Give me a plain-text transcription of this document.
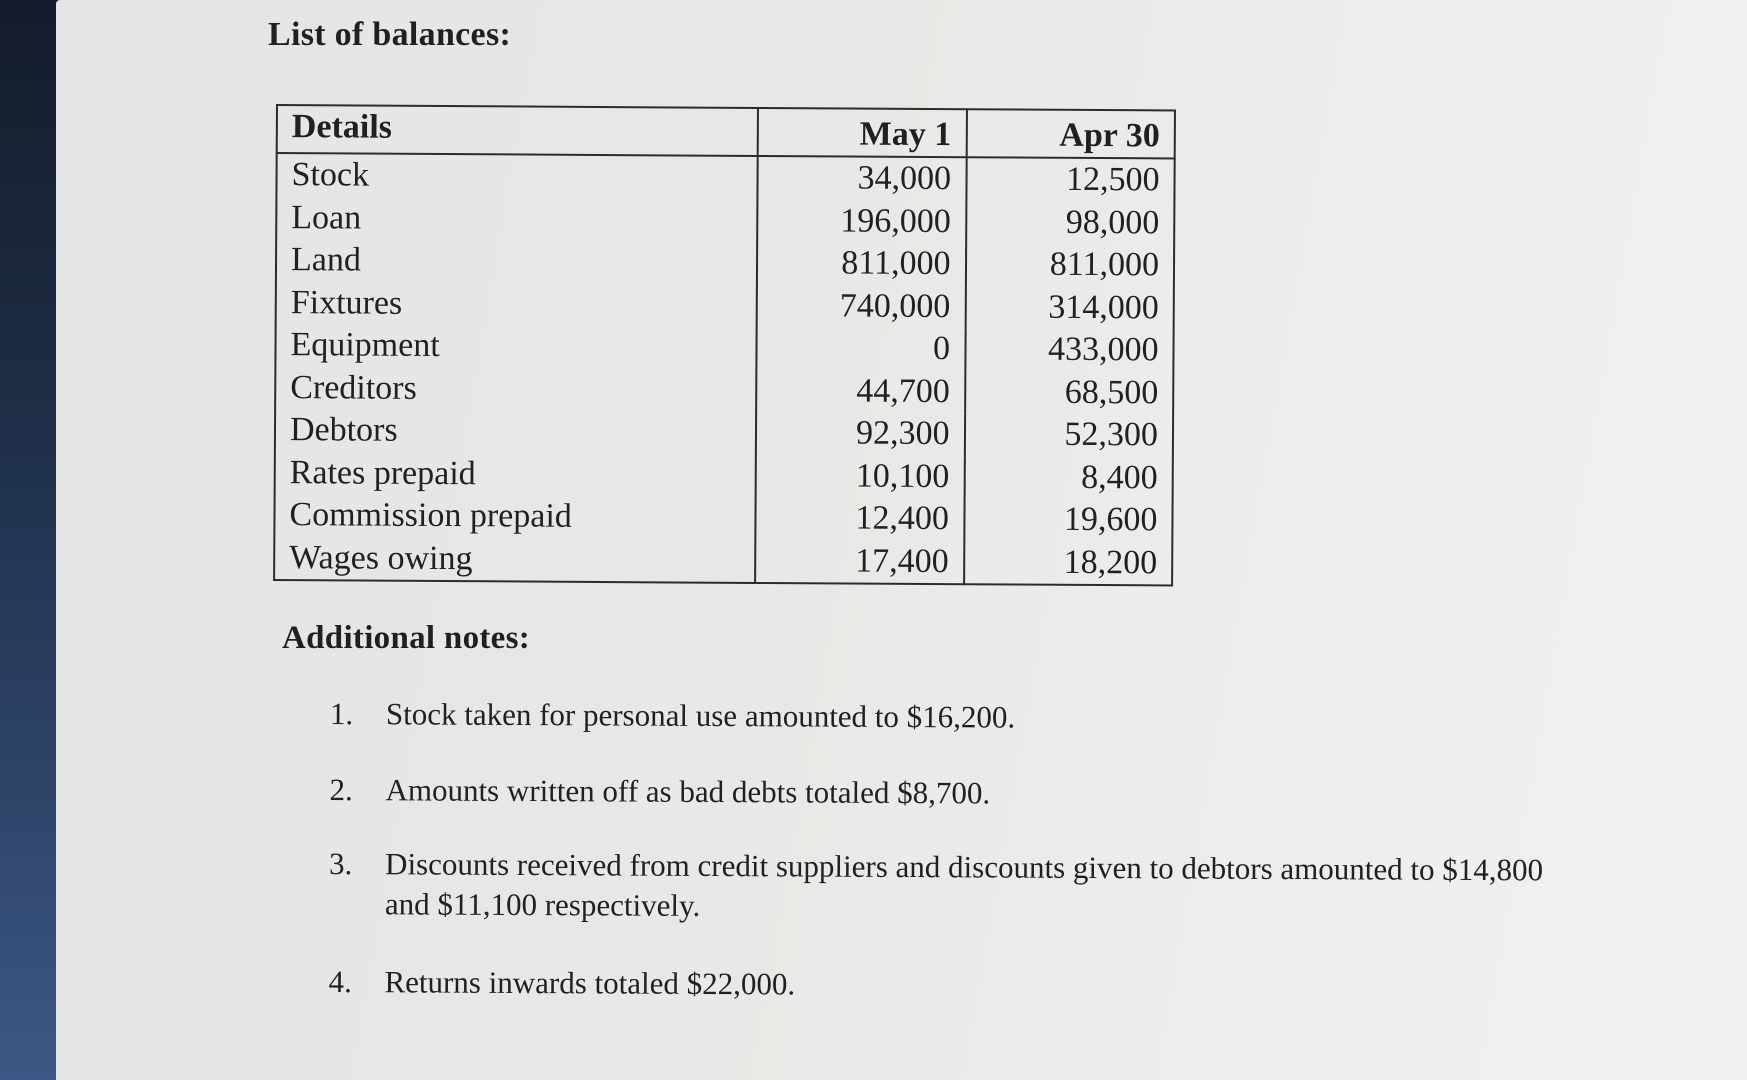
List of balances:
Details	May 1	Apr 30
Stock	34,000	12,500
Loan	196,000	98,000
Land	811,000	811,000
Fixtures	740,000	314,000
Equipment	0	433,000
Creditors	44,700	68,500
Debtors	92,300	52,300
Rates prepaid	10,100	8,400
Commission prepaid	12,400	19,600
Wages owing	17,400	18,200
Additional notes:
1.	Stock taken for personal use amounted to $16,200.
2.	Amounts written off as bad debts totaled $8,700.
3.	Discounts received from credit suppliers and discounts given to debtors amounted to $14,800 and $11,100 respectively.
4.	Returns inwards totaled $22,000.
